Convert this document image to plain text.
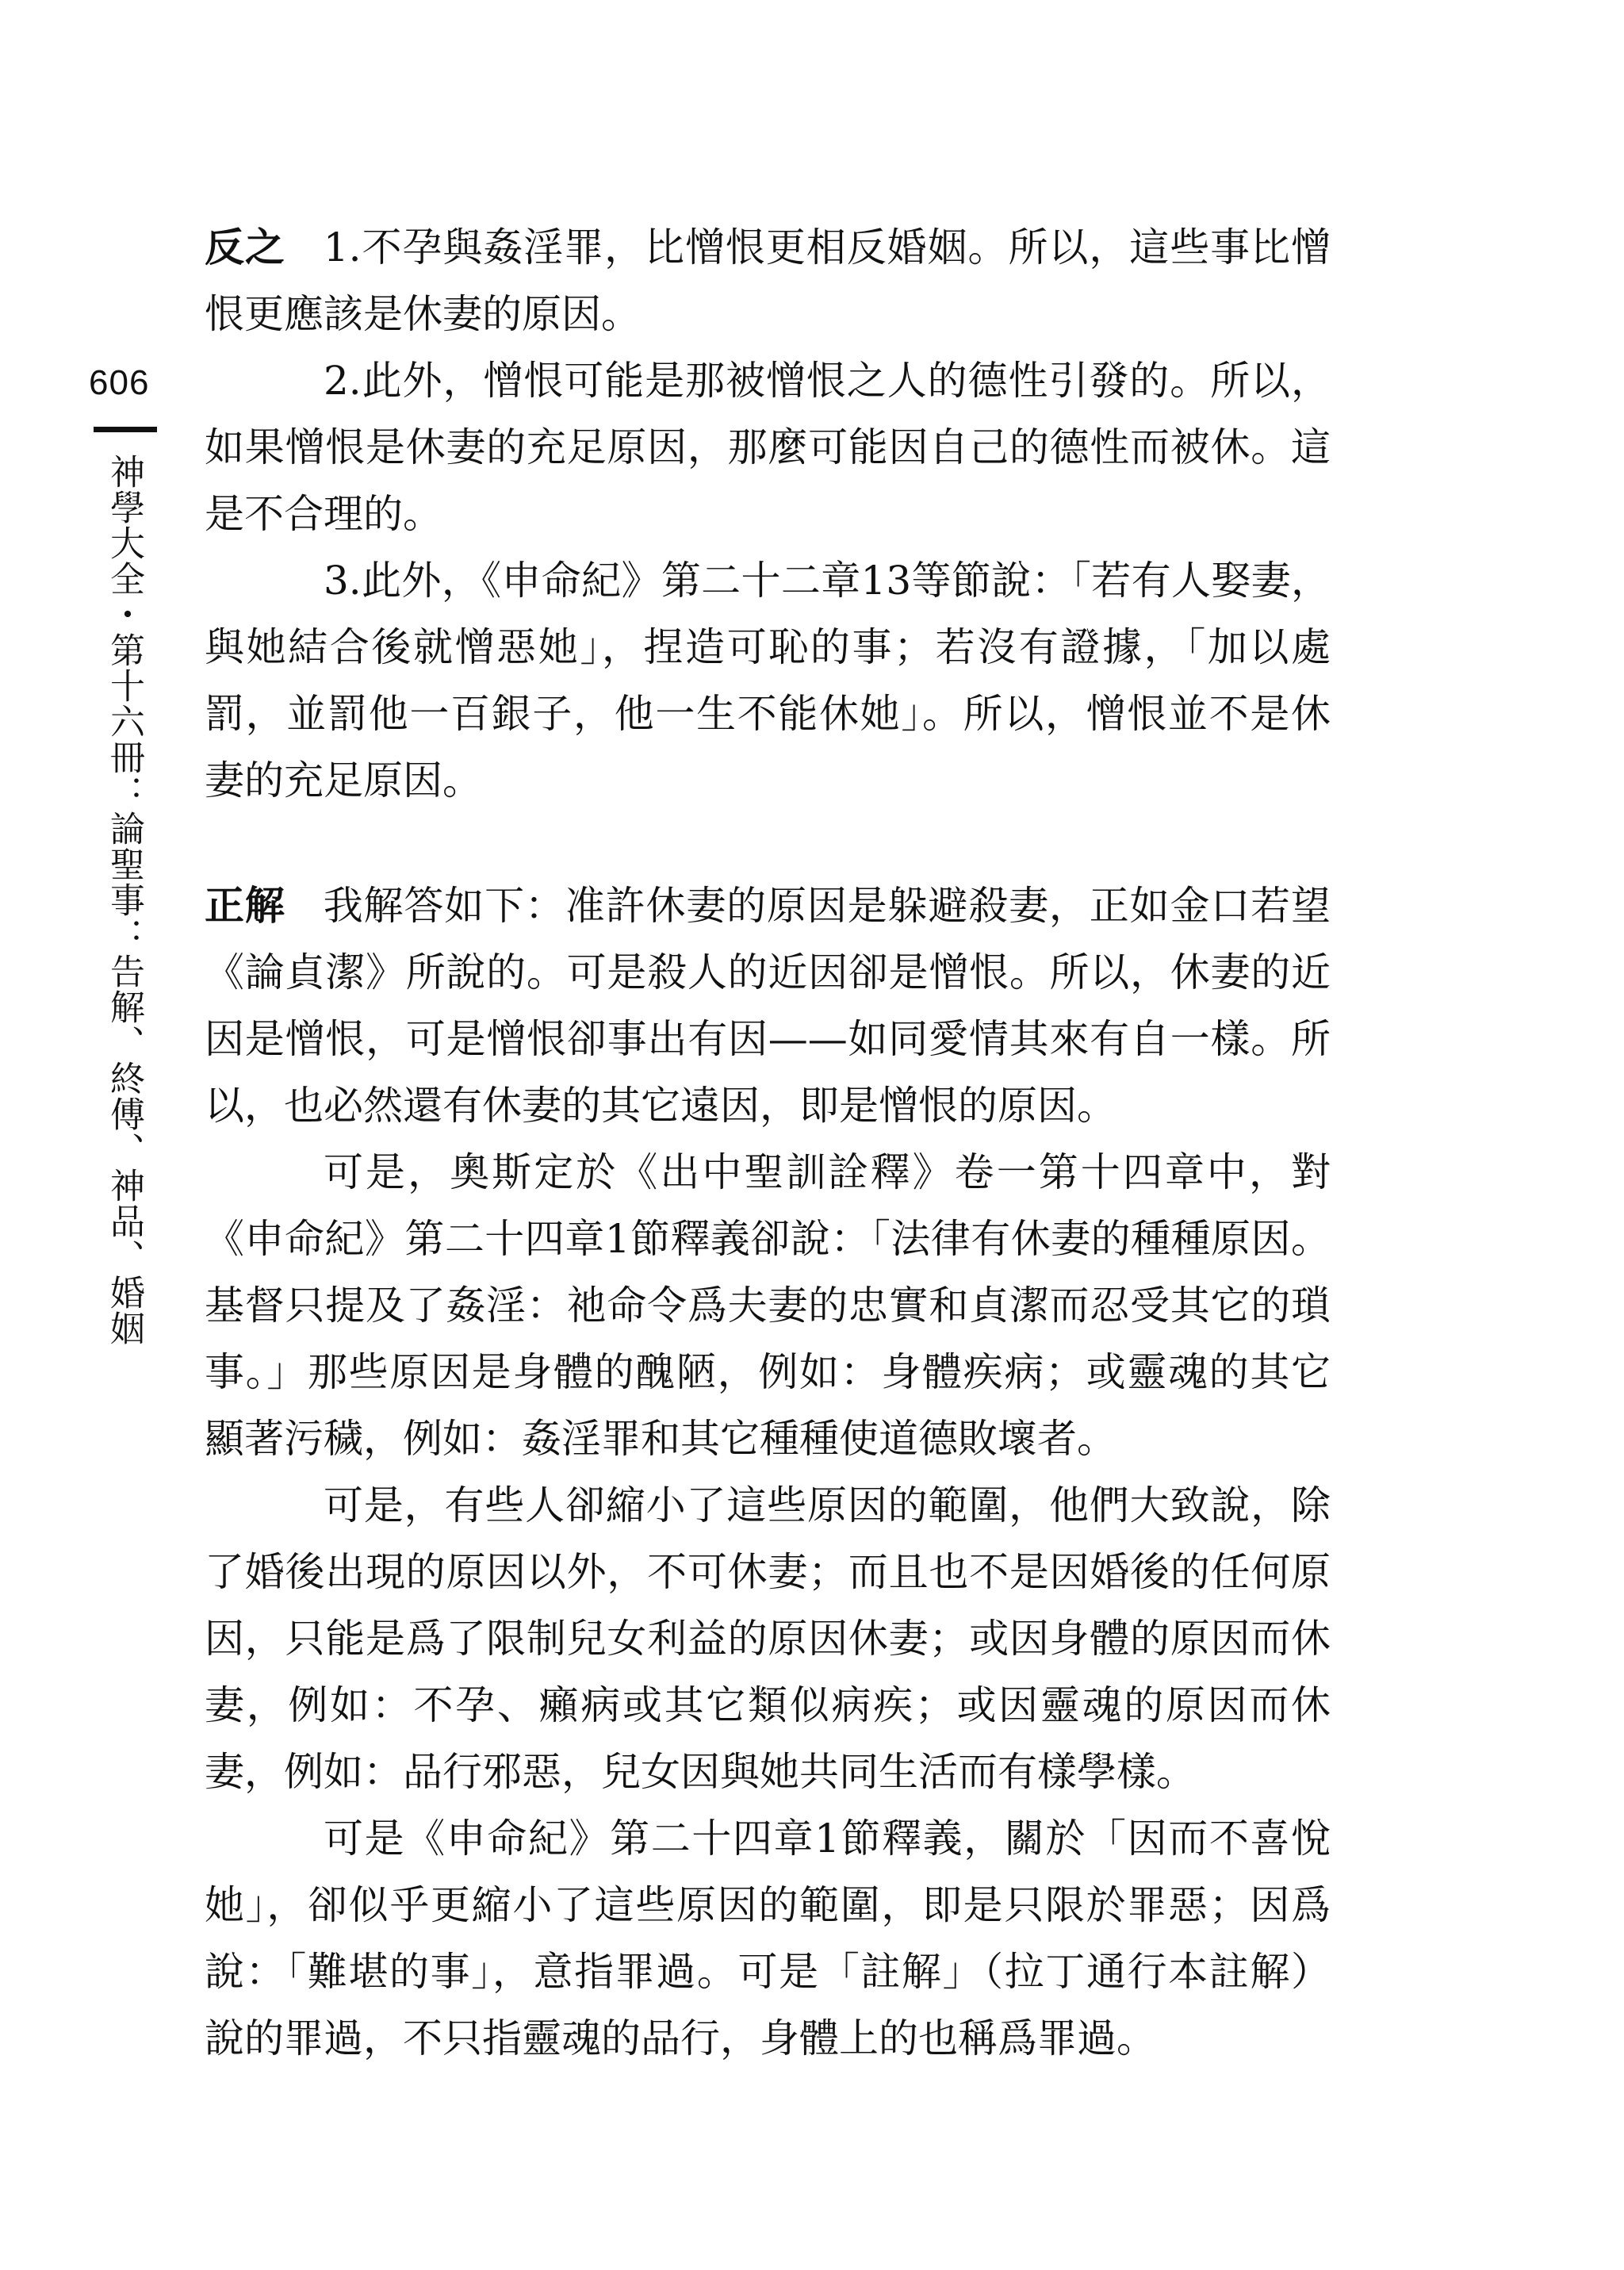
606
神學大全・第十六冊：論聖事：告解、終傅、神品、婚姻

反之 1.不孕與姦淫罪，比憎恨更相反婚姻。所以，這些事比憎恨更應該是休妻的原因。

2.此外，憎恨可能是那被憎恨之人的德性引發的。所以，如果憎恨是休妻的充足原因，那麼可能因自己的德性而被休。這是不合理的。

3.此外，《申命紀》第二十二章13等節說：「若有人娶妻，與她結合後就憎惡她」，捏造可恥的事；若沒有證據，「加以處罰，並罰他一百銀子，他一生不能休她」。所以，憎恨並不是休妻的充足原因。

正解 我解答如下：准許休妻的原因是躲避殺妻，正如金口若望《論貞潔》所說的。可是殺人的近因卻是憎恨。所以，休妻的近因是憎恨，可是憎恨卻事出有因——如同愛情其來有自一樣。所以，也必然還有休妻的其它遠因，即是憎恨的原因。

可是，奧斯定於《出中聖訓詮釋》卷一第十四章中，對《申命紀》第二十四章1節釋義卻說：「法律有休妻的種種原因。基督只提及了姦淫：祂命令爲夫妻的忠實和貞潔而忍受其它的瑣事。」那些原因是身體的醜陋，例如：身體疾病；或靈魂的其它顯著污穢，例如：姦淫罪和其它種種使道德敗壞者。

可是，有些人卻縮小了這些原因的範圍，他們大致說，除了婚後出現的原因以外，不可休妻；而且也不是因婚後的任何原因，只能是爲了限制兒女利益的原因休妻；或因身體的原因而休妻，例如：不孕、癩病或其它類似病疾；或因靈魂的原因而休妻，例如：品行邪惡，兒女因與她共同生活而有樣學樣。

可是《申命紀》第二十四章1節釋義，關於「因而不喜悅她」，卻似乎更縮小了這些原因的範圍，即是只限於罪惡；因爲說：「難堪的事」，意指罪過。可是「註解」（拉丁通行本註解）說的罪過，不只指靈魂的品行，身體上的也稱爲罪過。
